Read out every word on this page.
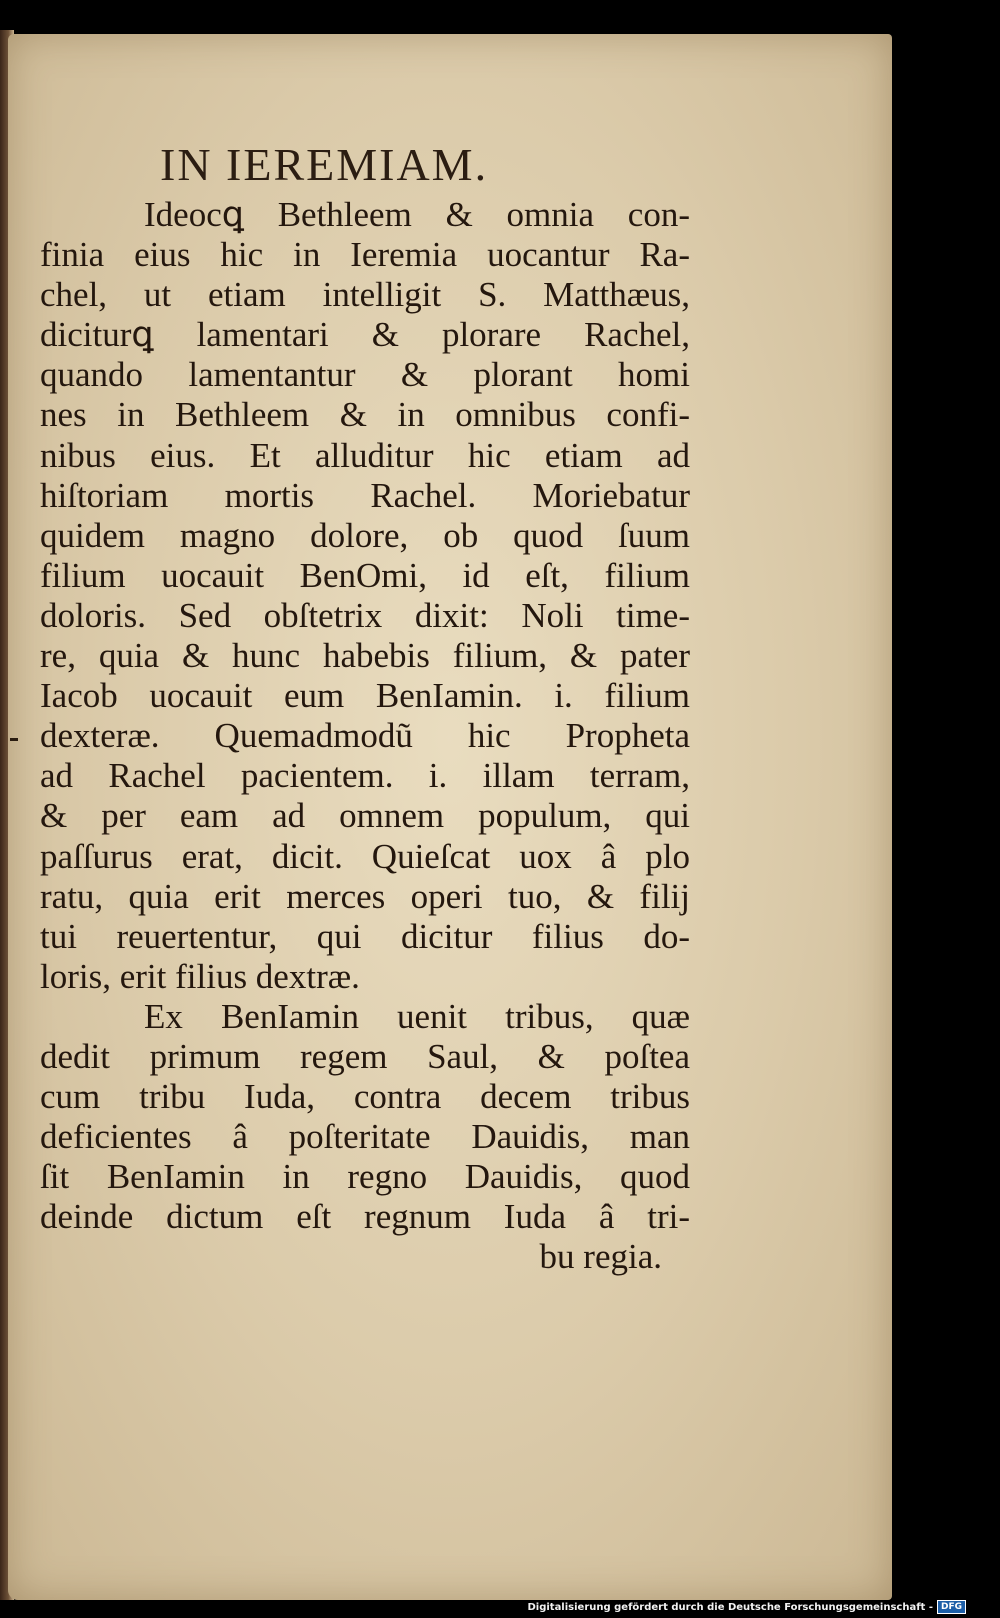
IN IEREMIAM.
Ideocꝗ Bethleem & omnia con-
finia eius hic in Ieremia uocantur Ra-
chel, ut etiam intelligit S. Matthæus,
diciturꝗ lamentari & plorare Rachel,
quando lamentantur & plorant homi
nes in Bethleem & in omnibus confi-
nibus eius. Et alluditur hic etiam ad
hiſtoriam mortis Rachel. Moriebatur
quidem magno dolore, ob quod ſuum
filium uocauit BenOmi, id eſt, filium
doloris. Sed obſtetrix dixit: Noli time-
re, quia & hunc habebis filium, & pater
Iacob uocauit eum BenIamin. i. filium
dexteræ. Quemadmodũ hic Propheta
ad Rachel pacientem. i. illam terram,
& per eam ad omnem populum, qui
paſſurus erat, dicit. Quieſcat uox â plo
ratu, quia erit merces operi tuo, & filij
tui reuertentur, qui dicitur filius do-
loris, erit filius dextræ.
Ex BenIamin uenit tribus, quæ
dedit primum regem Saul, & poſtea
cum tribu Iuda, contra decem tribus
deficientes â poſteritate Dauidis, man
ſit BenIamin in regno Dauidis, quod
deinde dictum eſt regnum Iuda â tri-
bu regia.
Digitalisierung gefördert durch die Deutsche Forschungsgemeinschaft - DFG
